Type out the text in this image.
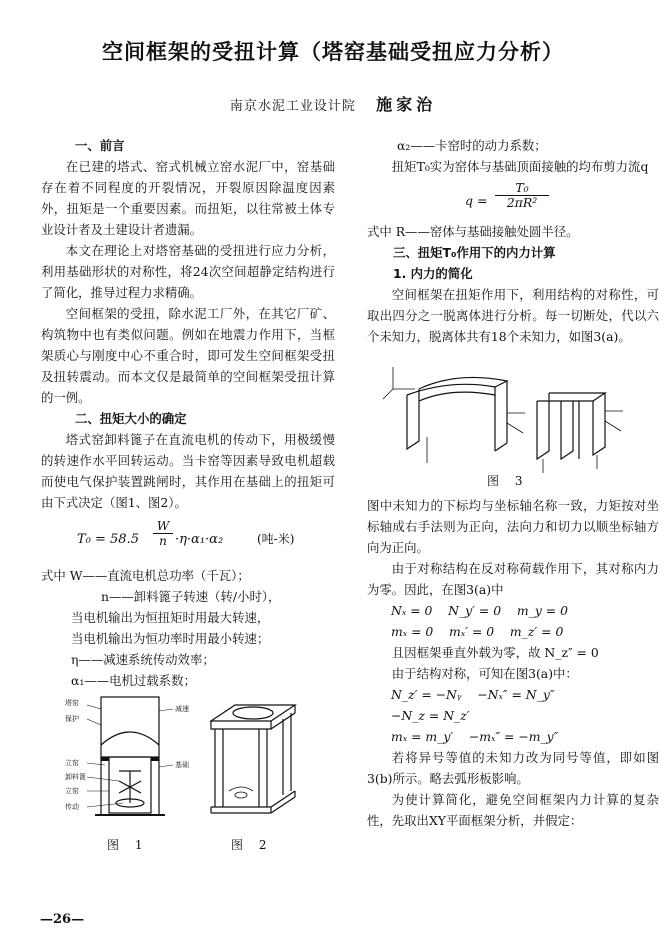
空间框架的受扭计算（塔窑基础受扭应力分析）
南京水泥工业设计院 施家治

一、前言

在已建的塔式、窑式机械立窑水泥厂中，窑基础存在着不同程度的开裂情况，开裂原因除温度因素外，扭矩是一个重要因素。而扭矩，以往常被土体专业设计者及土建设计者遗漏。

本文在理论上对塔窑基础的受扭进行应力分析，利用基础形状的对称性，将24次空间超静定结构进行了简化，推导过程力求精确。

空间框架的受扭，除水泥工厂外，在其它厂矿、构筑物中也有类似问题。例如在地震力作用下，当框架质心与刚度中心不重合时，即可发生空间框架受扭及扭转震动。而本文仅是最简单的空间框架受扭计算的一例。

二、扭矩大小的确定

塔式窑卸料篦子在直流电机的传动下，用极缓慢的转速作水平回转运动。当卡窑等因素导致电机超载而使电气保护装置跳闸时，其作用在基础上的扭矩可由下式决定（图1、图2）。

$T_0 = 58.5 \frac{W}{n} \cdot\eta\cdot\alpha_1\cdot\alpha_2$	(吨-米)

式中 W——直流电机总功率（千瓦）；

n——卸料篦子转速（转/小时），

当电机输出为恒扭矩时用最大转速，

当电机输出为恒功率时用最小转速；

η——减速系统传动效率；

α₁——电机过载系数；

塔窑
保护
立窑
卸料篦
立窑
传动
减速
基础
图 1	图 2

α₂——卡窑时的动力系数；

扭矩T₀实为窑体与基础顶面接触的均布剪力流q

$q = \frac{\text{T₀}}{\text{2πR²}}$

式中 R——窑体与基础接触处圆半径。

三、扭矩T₀作用下的内力计算

1. 内力的简化

空间框架在扭矩作用下，利用结构的对称性，可取出四分之一脱离体进行分析。每一切断处，代以六个未知力，脱离体共有18个未知力，如图3(a)。

图 3

图中未知力的下标均与坐标轴名称一致，力矩按对坐标轴成右手法则为正向，法向力和切力以顺坐标轴方向为正向。

由于对称结构在反对称荷载作用下，其对称内力为零。因此，在图3(a)中

Nₓ = 0    N_y′ = 0    m_y = 0

mₓ = 0    mₓ′ = 0    m_z′ = 0

且因框架垂直外载为零，故 N_z″ = 0

由于结构对称，可知在图3(a)中：

N_z′ = −Nᵧ    −Nₓ″ = N_y″

−N_z = N_z′

mₓ = m_y′    −mₓ″ = −m_y″

若将异号等值的未知力改为同号等值，即如图3(b)所示。略去弧形板影响。

为使计算简化，避免空间框架内力计算的复杂性，先取出XY平面框架分析，并假定：

—26—
